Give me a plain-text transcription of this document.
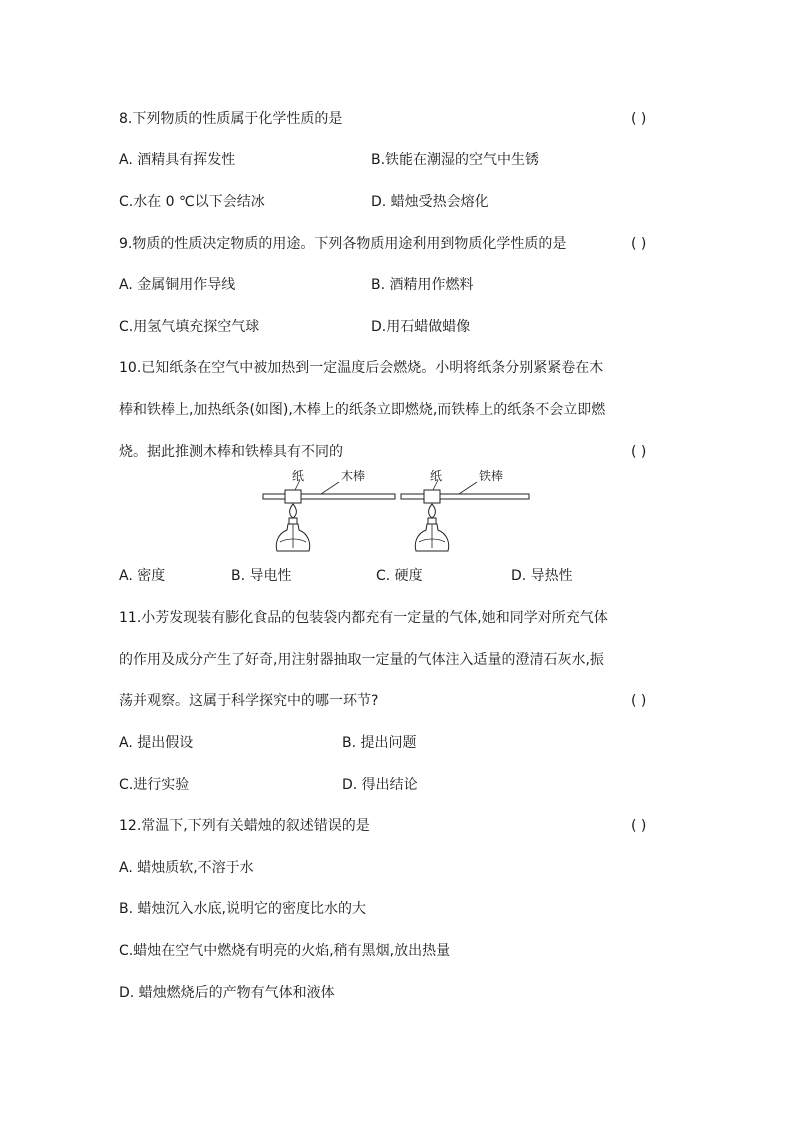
8.下列物质的性质属于化学性质的是	( )
A. 酒精具有挥发性	B.铁能在潮湿的空气中生锈
C.水在 0 ℃以下会结冰	D. 蜡烛受热会熔化
9.物质的性质决定物质的用途。下列各物质用途利用到物质化学性质的是	( )
A. 金属铜用作导线	B. 酒精用作燃料
C.用氢气填充探空气球	D.用石蜡做蜡像
10.已知纸条在空气中被加热到一定温度后会燃烧。小明将纸条分别紧紧卷在木
棒和铁棒上,加热纸条(如图),木棒上的纸条立即燃烧,而铁棒上的纸条不会立即燃
烧。据此推测木棒和铁棒具有不同的	( )
纸	木棒	纸	铁棒
A. 密度	B. 导电性	C. 硬度	D. 导热性
11.小芳发现装有膨化食品的包装袋内都充有一定量的气体,她和同学对所充气体
的作用及成分产生了好奇,用注射器抽取一定量的气体注入适量的澄清石灰水,振
荡并观察。这属于科学探究中的哪一环节?	( )
A. 提出假设	B. 提出问题
C.进行实验	D. 得出结论
12.常温下,下列有关蜡烛的叙述错误的是	( )
A. 蜡烛质软,不溶于水
B. 蜡烛沉入水底,说明它的密度比水的大
C.蜡烛在空气中燃烧有明亮的火焰,稍有黑烟,放出热量
D. 蜡烛燃烧后的产物有气体和液体
